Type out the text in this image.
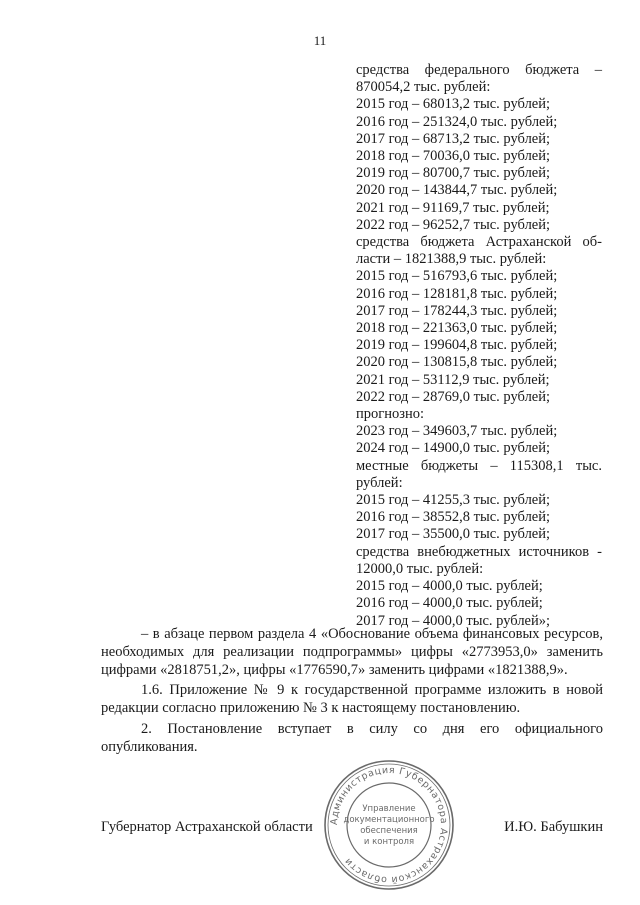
11
средства федерального бюджета –
870054,2 тыс. рублей:
2015 год – 68013,2 тыс. рублей;
2016 год – 251324,0 тыс. рублей;
2017 год – 68713,2 тыс. рублей;
2018 год – 70036,0 тыс. рублей;
2019 год – 80700,7 тыс. рублей;
2020 год – 143844,7 тыс. рублей;
2021 год – 91169,7 тыс. рублей;
2022 год – 96252,7 тыс. рублей;
средства бюджета Астраханской об-
ласти – 1821388,9 тыс. рублей:
2015 год – 516793,6 тыс. рублей;
2016 год – 128181,8 тыс. рублей;
2017 год – 178244,3 тыс. рублей;
2018 год – 221363,0 тыс. рублей;
2019 год – 199604,8 тыс. рублей;
2020 год – 130815,8 тыс. рублей;
2021 год – 53112,9 тыс. рублей;
2022 год – 28769,0 тыс. рублей;
прогнозно:
2023 год – 349603,7 тыс. рублей;
2024 год – 14900,0 тыс. рублей;
местные бюджеты – 115308,1 тыс.
рублей:
2015 год – 41255,3 тыс. рублей;
2016 год – 38552,8 тыс. рублей;
2017 год – 35500,0 тыс. рублей;
средства внебюджетных источников -
12000,0 тыс. рублей:
2015 год – 4000,0 тыс. рублей;
2016 год – 4000,0 тыс. рублей;
2017 год – 4000,0 тыс. рублей»;

– в абзаце первом раздела 4 «Обоснование объема финансовых ресурсов, необходимых для реализации подпрограммы» цифры «2773953,0» заменить цифрами «2818751,2», цифры «1776590,7» заменить цифрами «1821388,9».

1.6. Приложение № 9 к государственной программе изложить в новой редакции согласно приложению № 3 к настоящему постановлению.

2. Постановление вступает в силу со дня его официального опубликования.

Губернатор Астраханской области	И.Ю. Бабушкин
Администрация Губернатора Астраханской области
Управление
документационного
обеспечения
и контроля
